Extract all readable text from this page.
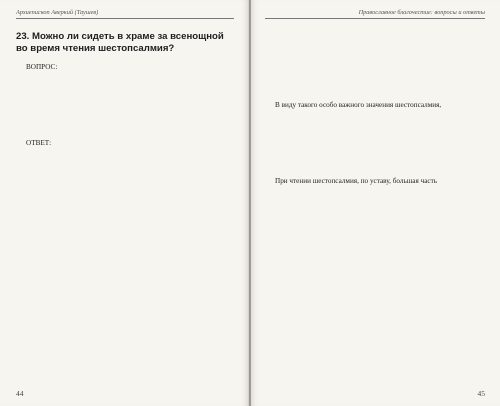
Архиепископ Аверкий (Таушев)
23. Можно ли сидеть в храме за всенощной во время чтения шестопсалмия?

ВОПРОС:

ОТВЕТ:

44
Православное благочестие: вопросы и ответы

В виду такого особо важного значения шестопсалмия,

При чтении шестопсалмия, по уставу, большая часть

45
